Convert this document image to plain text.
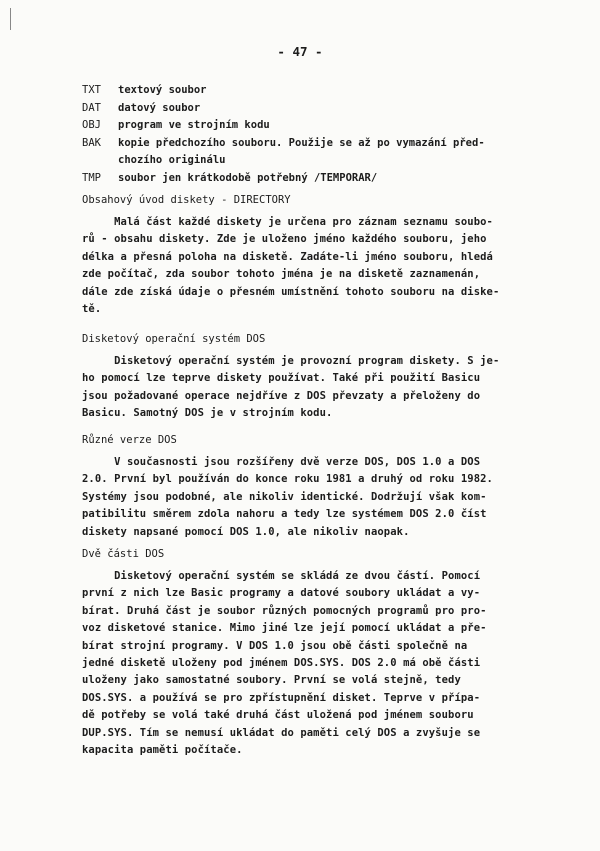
- 47 -
TXT	textový soubor
DAT	datový soubor
OBJ	program ve strojním kodu
BAK	kopie předchozího souboru. Použije se až po vymazání před-
chozího originálu
TMP	soubor jen krátkodobě potřebný /TEMPORAR/
Obsahový úvod diskety - DIRECTORY
Malá část každé diskety je určena pro záznam seznamu soubo-
rů - obsahu diskety. Zde je uloženo jméno každého souboru, jeho
délka a přesná poloha na disketě. Zadáte-li jméno souboru, hledá
zde počítač, zda soubor tohoto jména je na disketě zaznamenán,
dále zde získá údaje o přesném umístnění tohoto souboru na diske-
tě.
Disketový operační systém DOS
Disketový operační systém je provozní program diskety. S je-
ho pomocí lze teprve diskety používat. Také při použití Basicu
jsou požadované operace nejdříve z DOS převzaty a přeloženy do
Basicu. Samotný DOS je v strojním kodu.
Různé verze DOS
V současnosti jsou rozšířeny dvě verze DOS, DOS 1.0 a DOS
2.0. První byl používán do konce roku 1981 a druhý od roku 1982.
Systémy jsou podobné, ale nikoliv identické. Dodržují však kom-
patibilitu směrem zdola nahoru a tedy lze systémem DOS 2.0 číst
diskety napsané pomocí DOS 1.0, ale nikoliv naopak.
Dvě části DOS
Disketový operační systém se skládá ze dvou částí. Pomocí
první z nich lze Basic programy a datové soubory ukládat a vy-
bírat. Druhá část je soubor různých pomocných programů pro pro-
voz disketové stanice. Mimo jiné lze její pomocí ukládat a pře-
bírat strojní programy. V DOS 1.0 jsou obě části společně na
jedné disketě uloženy pod jménem DOS.SYS. DOS 2.0 má obě části
uloženy jako samostatné soubory. První se volá stejně, tedy
DOS.SYS. a používá se pro zpřístupnění disket. Teprve v přípa-
dě potřeby se volá také druhá část uložená pod jménem souboru
DUP.SYS. Tím se nemusí ukládat do paměti celý DOS a zvyšuje se
kapacita paměti počítače.
